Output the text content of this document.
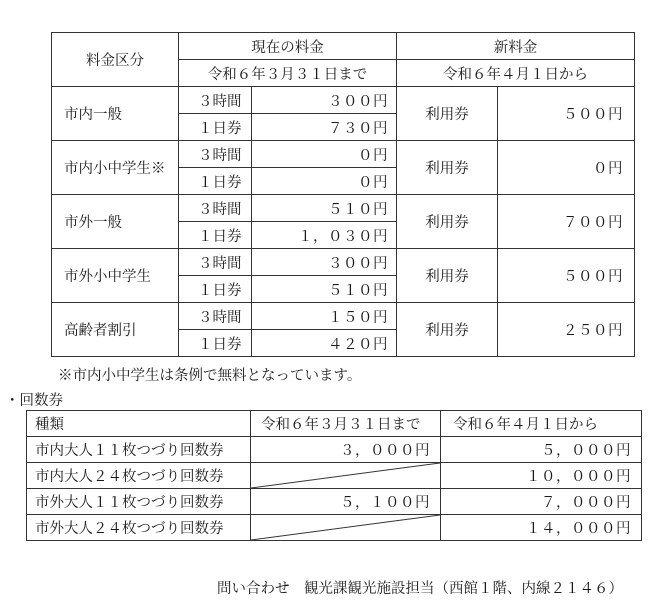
料金区分	現在の料金		新料金	
	令和６年３月３１日まで		令和６年４月１日から	
市内一般	３時間	３００円	利用券	５００円
	１日券	７３０円		
市内小中学生※	３時間	０円	利用券	０円
	１日券	０円		
市外一般	３時間	５１０円	利用券	７００円
	１日券	１，０３０円		
市外小中学生	３時間	３００円	利用券	５００円
	１日券	５１０円		
高齢者割引	３時間	１５０円	利用券	２５０円
	１日券	４２０円		
※市内小中学生は条例で無料となっています。
・回数券
種類	令和６年３月３１日まで	令和６年４月１日から
市内大人１１枚つづり回数券	３，０００円	５，０００円
市内大人２４枚つづり回数券		１０，０００円
市外大人１１枚つづり回数券	５，１００円	７，０００円
市外大人２４枚つづり回数券		１４，０００円
問い合わせ　観光課観光施設担当（西館１階、内線２１４６）
